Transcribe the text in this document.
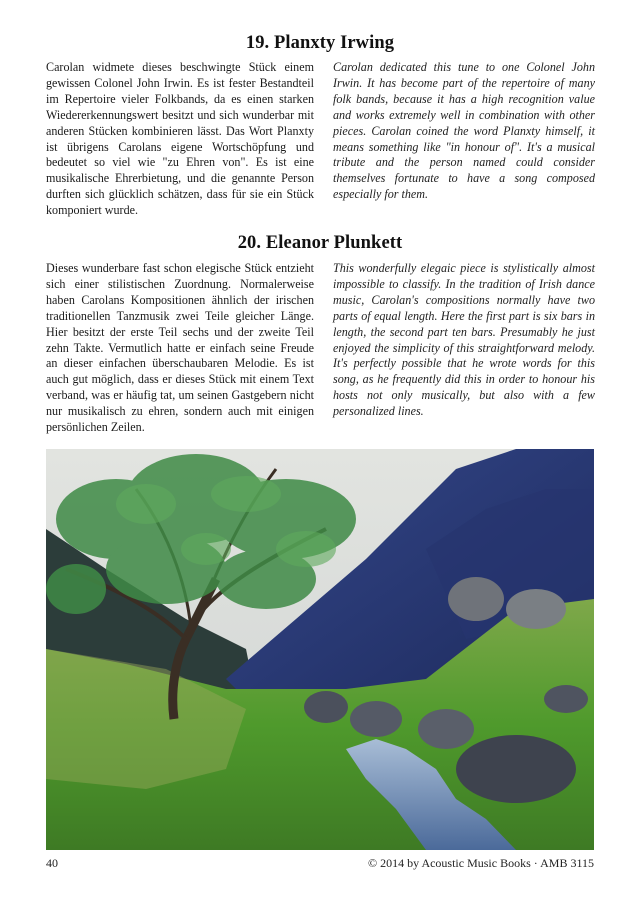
19. Planxty Irwing
Carolan widmete dieses beschwingte Stück einem gewissen Colonel John Irwin. Es ist fester Bestandteil im Repertoire vieler Folkbands, da es einen starken Wiedererkennungswert besitzt und sich wunderbar mit anderen Stücken kombinieren lässt. Das Wort Planxty ist übrigens Carolans eigene Wortschöpfung und bedeutet so viel wie "zu Ehren von". Es ist eine musikalische Ehrerbietung, und die genannte Person durften sich glücklich schätzen, dass für sie ein Stück komponiert wurde.
Carolan dedicated this tune to one Colonel John Irwin. It has become part of the repertoire of many folk bands, because it has a high recognition value and works extremely well in combination with other pieces. Carolan coined the word Planxty himself, it means something like "in honour of". It's a musical tribute and the person named could consider themselves fortunate to have a song composed especially for them.
20. Eleanor Plunkett
Dieses wunderbare fast schon elegische Stück entzieht sich einer stilistischen Zuordnung. Normalerweise haben Carolans Kompositionen ähnlich der irischen traditionellen Tanzmusik zwei Teile gleicher Länge. Hier besitzt der erste Teil sechs und der zweite Teil zehn Takte. Vermutlich hatte er einfach seine Freude an dieser einfachen überschaubaren Melodie. Es ist auch gut möglich, dass er dieses Stück mit einem Text verband, was er häufig tat, um seinen Gastgebern nicht nur musikalisch zu ehren, sondern auch mit einigen persönlichen Zeilen.
This wonderfully elegaic piece is stylistically almost impossible to classify. In the tradition of Irish dance music, Carolan's compositions normally have two parts of equal length. Here the first part is six bars in length, the second part ten bars. Presumably he just enjoyed the simplicity of this straightforward melody. It's perfectly possible that he wrote words for this song, as he frequently did this in order to honour his hosts not only musically, but also with a few personalized lines.
40	© 2014 by Acoustic Music Books · AMB 3115
